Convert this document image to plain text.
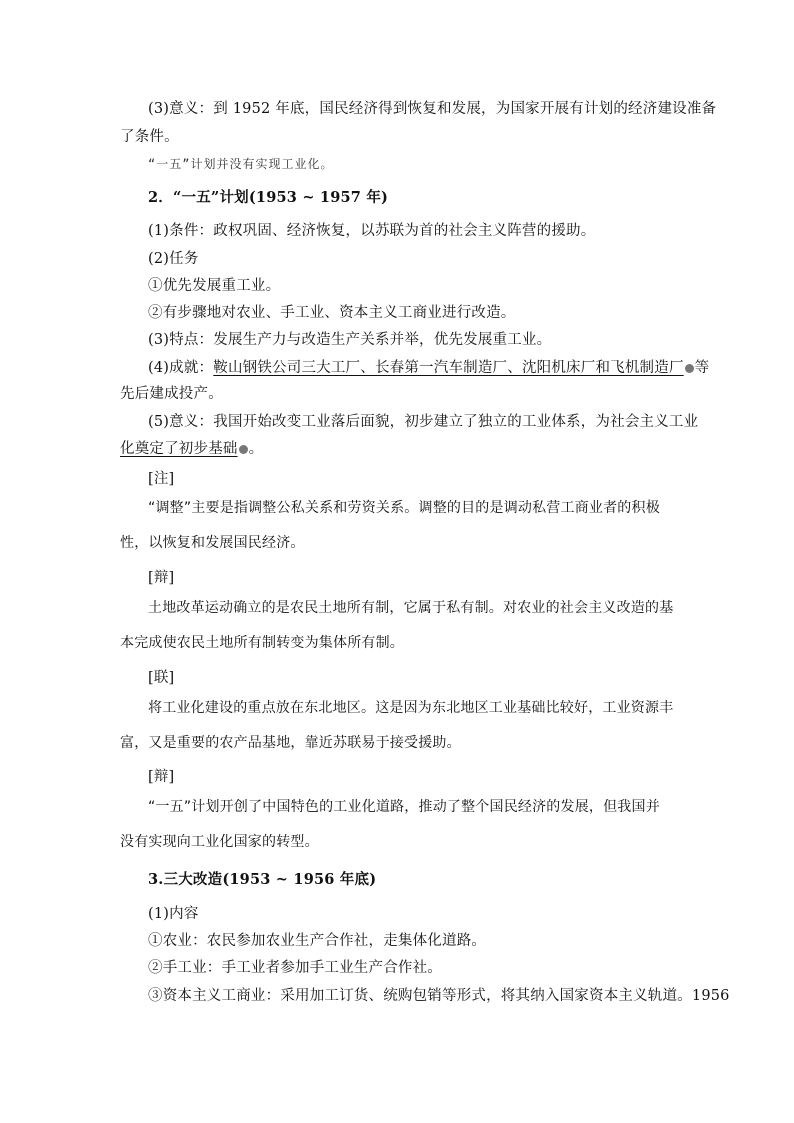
(3)意义：到 1952 年底，国民经济得到恢复和发展，为国家开展有计划的经济建设准备
了条件。
“一五”计划并没有实现工业化。
2．“一五”计划(1953 ~ 1957 年)
(1)条件：政权巩固、经济恢复，以苏联为首的社会主义阵营的援助。
(2)任务
①优先发展重工业。
②有步骤地对农业、手工业、资本主义工商业进行改造。
(3)特点：发展生产力与改造生产关系并举，优先发展重工业。
(4)成就：鞍山钢铁公司三大工厂、长春第一汽车制造厂、沈阳机床厂和飞机制造厂 等
先后建成投产。
(5)意义：我国开始改变工业落后面貌，初步建立了独立的工业体系，为社会主义工业
化奠定了初步基础 。
[注]
“调整”主要是指调整公私关系和劳资关系。调整的目的是调动私营工商业者的积极
性，以恢复和发展国民经济。
[辩]
土地改革运动确立的是农民土地所有制，它属于私有制。对农业的社会主义改造的基
本完成使农民土地所有制转变为集体所有制。
[联]
将工业化建设的重点放在东北地区。这是因为东北地区工业基础比较好，工业资源丰
富，又是重要的农产品基地，靠近苏联易于接受援助。
[辩]
“一五”计划开创了中国特色的工业化道路，推动了整个国民经济的发展，但我国并
没有实现向工业化国家的转型。
3.三大改造(1953 ~ 1956 年底)
(1)内容
①农业：农民参加农业生产合作社，走集体化道路。
②手工业：手工业者参加手工业生产合作社。
③资本主义工商业：采用加工订货、统购包销等形式，将其纳入国家资本主义轨道。1956
